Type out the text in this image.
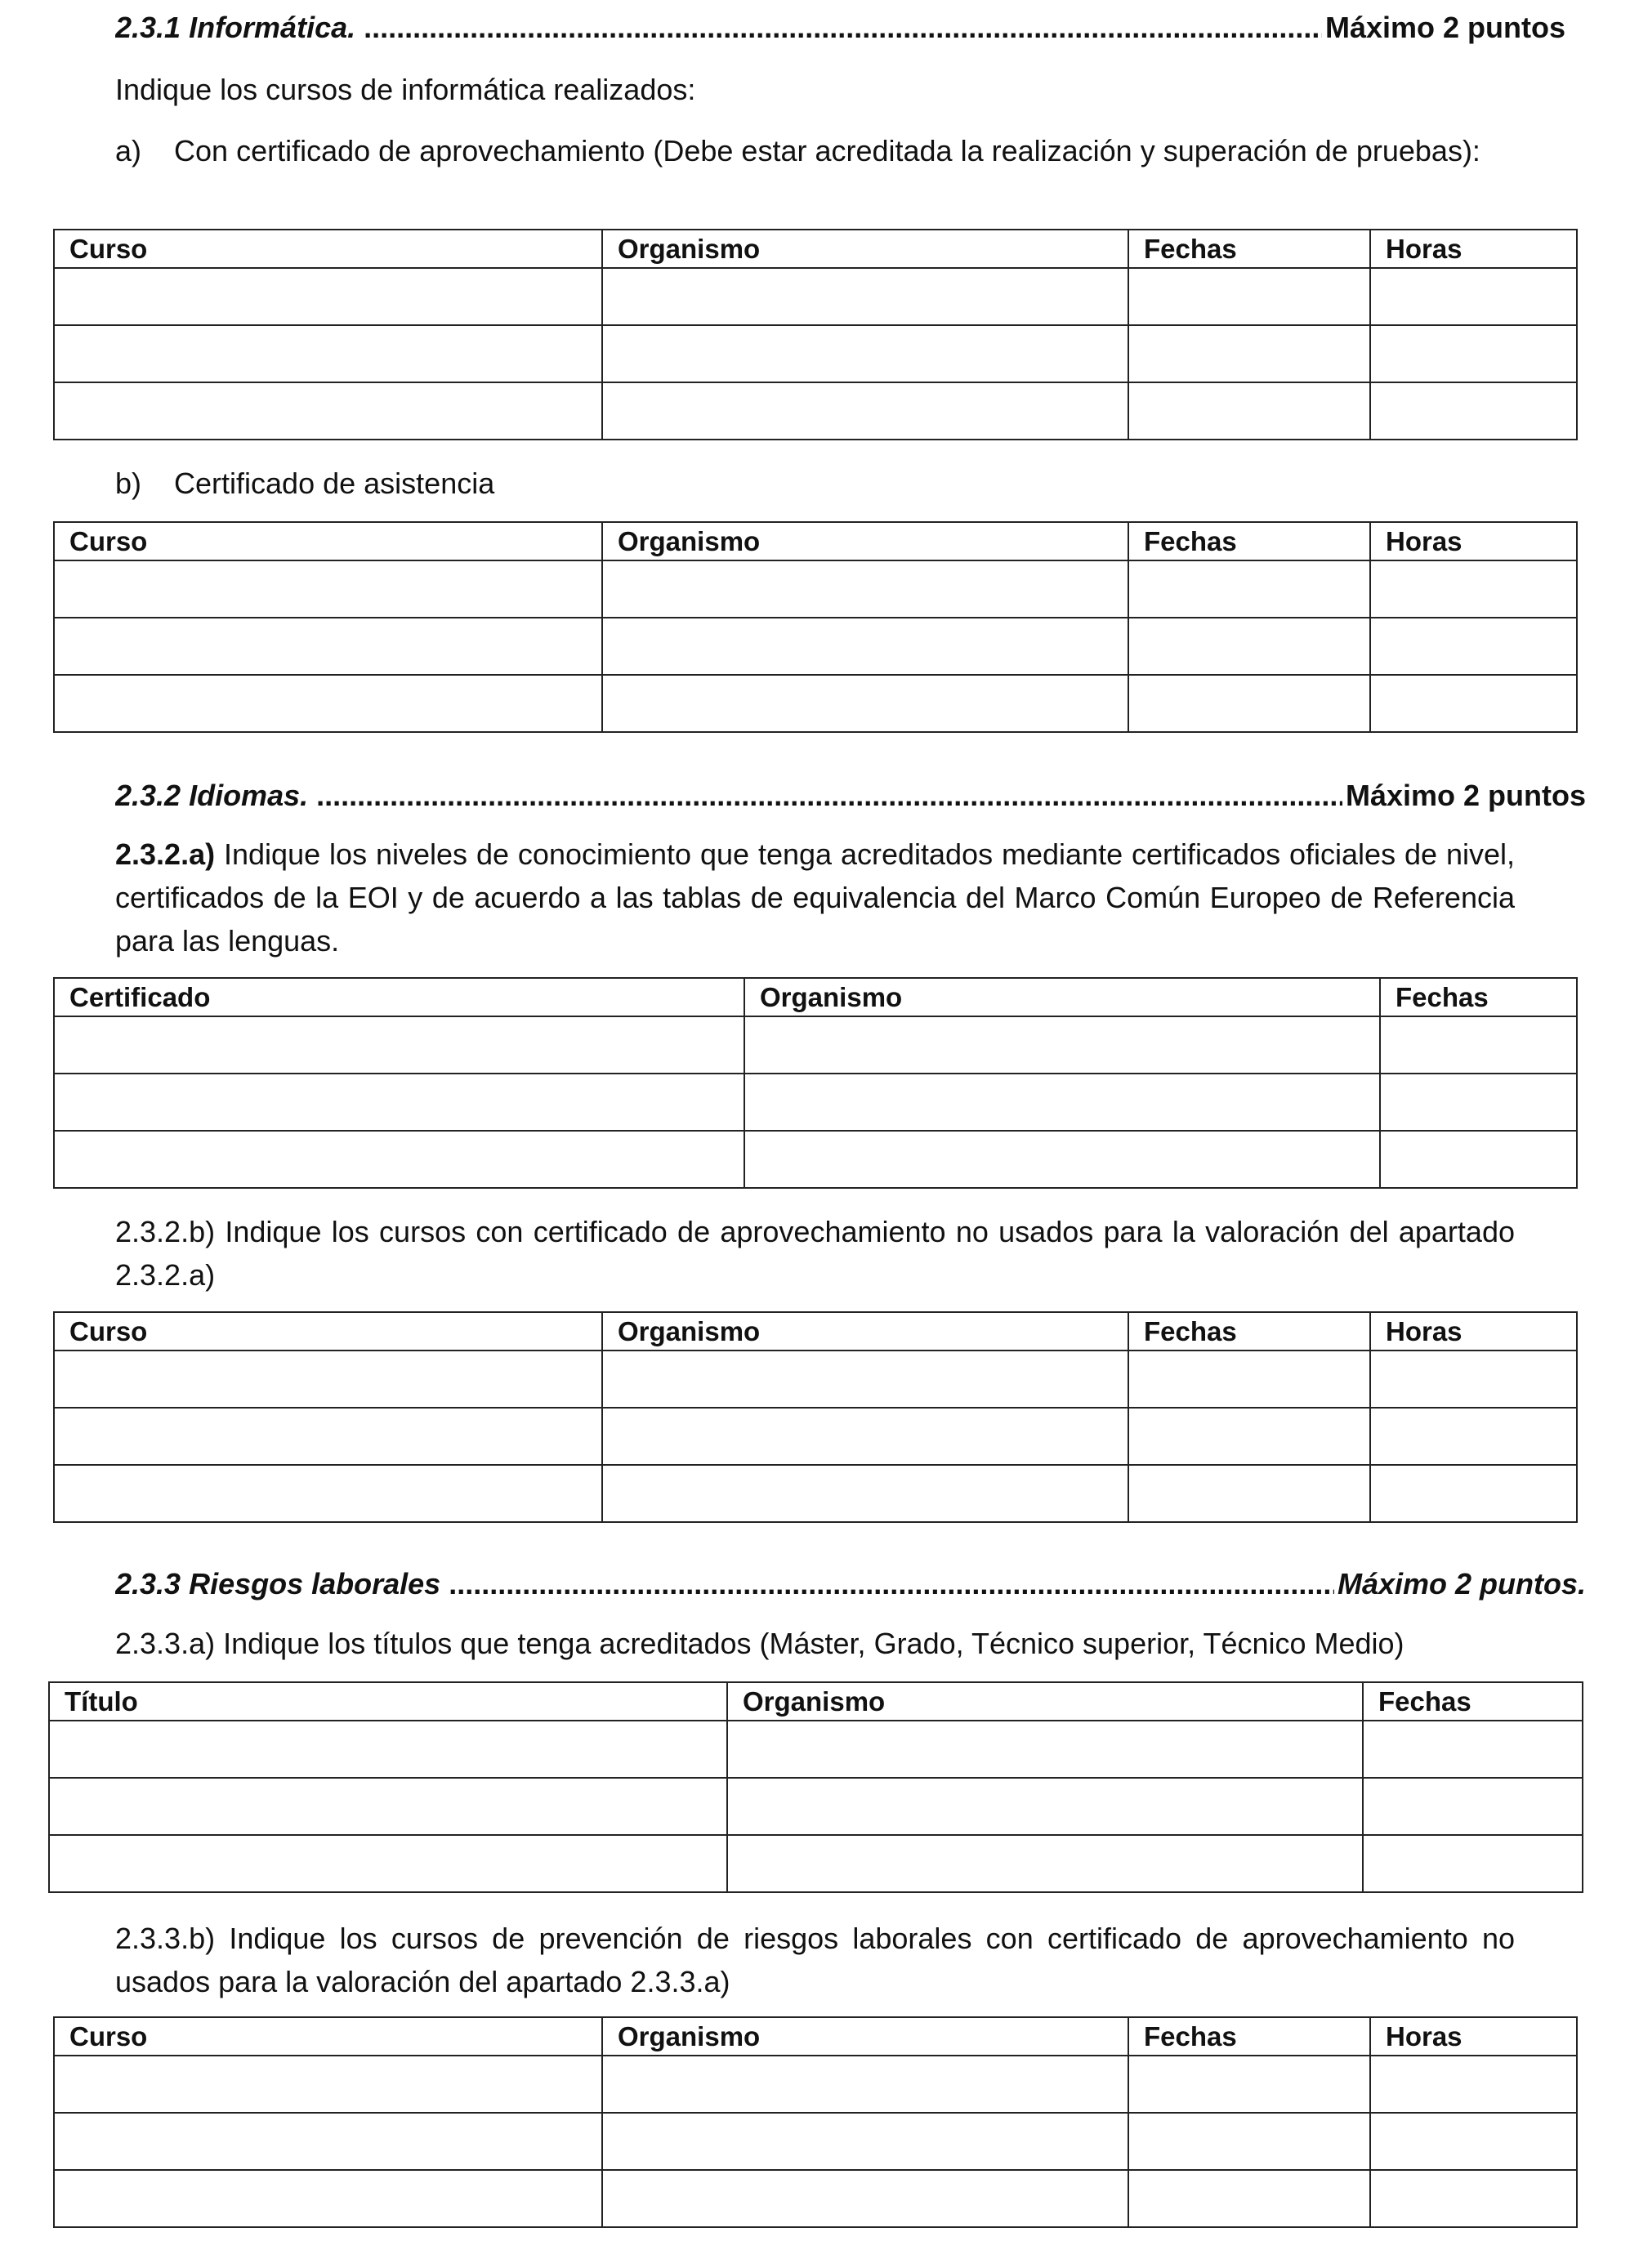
2.3.1 Informática. .....	Máximo 2 puntos
Indique los cursos de informática realizados:
a) Con certificado de aprovechamiento (Debe estar acreditada la realización y superación de pruebas):
Curso	Organismo	Fechas	Horas

b) Certificado de asistencia
Curso	Organismo	Fechas	Horas

2.3.2 Idiomas. .....	Máximo 2 puntos
2.3.2.a) Indique los niveles de conocimiento que tenga acreditados mediante certificados oficiales de nivel, certificados de la EOI y de acuerdo a las tablas de equivalencia del Marco Común Europeo de Referencia para las lenguas.
Certificado	Organismo	Fechas

2.3.2.b) Indique los cursos con certificado de aprovechamiento no usados para la valoración del apartado 2.3.2.a)
Curso	Organismo	Fechas	Horas

2.3.3 Riesgos laborales .....	Máximo 2 puntos.
2.3.3.a) Indique los títulos que tenga acreditados (Máster, Grado, Técnico superior, Técnico Medio)
Título	Organismo	Fechas

2.3.3.b) Indique los cursos de prevención de riesgos laborales con certificado de aprovechamiento no usados para la valoración del apartado 2.3.3.a)
Curso	Organismo	Fechas	Horas
